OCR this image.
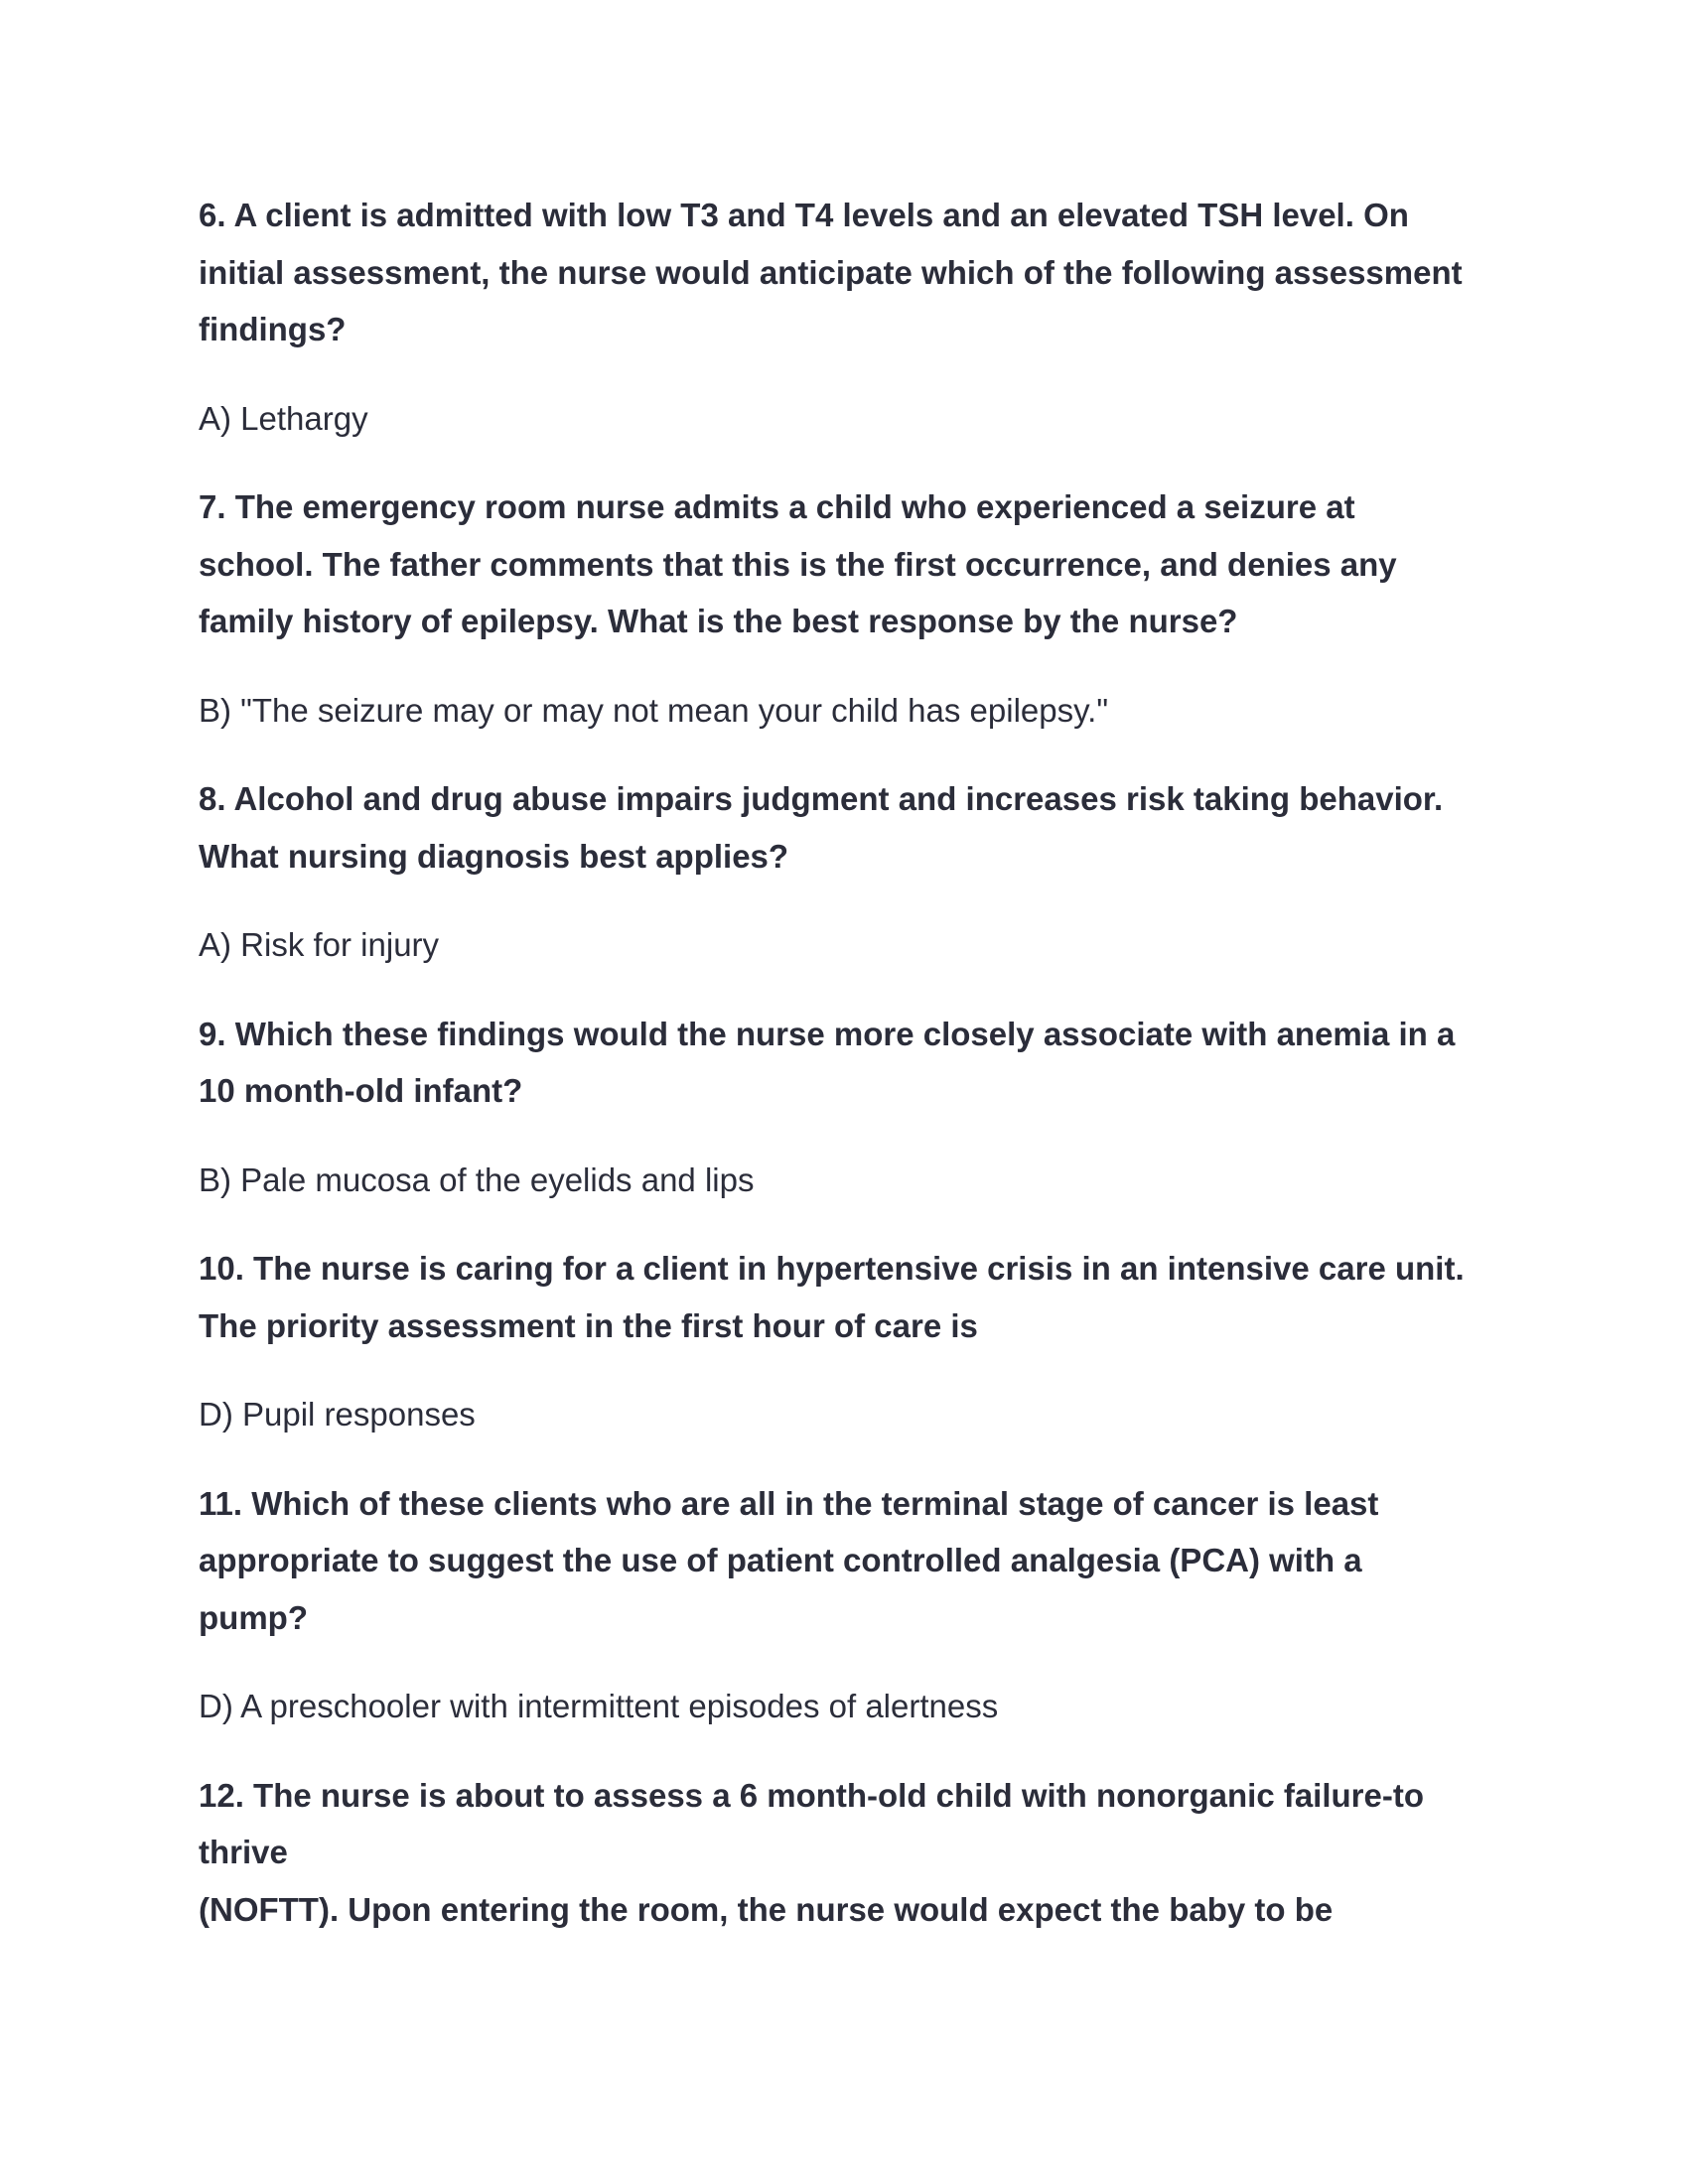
6. A client is admitted with low T3 and T4 levels and an elevated TSH level. On
initial assessment, the nurse would anticipate which of the following assessment
findings?

A) Lethargy

7. The emergency room nurse admits a child who experienced a seizure at
school. The father comments that this is the first occurrence, and denies any
family history of epilepsy. What is the best response by the nurse?

B) "The seizure may or may not mean your child has epilepsy."

8. Alcohol and drug abuse impairs judgment and increases risk taking behavior.
What nursing diagnosis best applies?

A) Risk for injury

9. Which these findings would the nurse more closely associate with anemia in a
10 month-old infant?

B) Pale mucosa of the eyelids and lips

10. The nurse is caring for a client in hypertensive crisis in an intensive care unit.
The priority assessment in the first hour of care is

D) Pupil responses

11. Which of these clients who are all in the terminal stage of cancer is least
appropriate to suggest the use of patient controlled analgesia (PCA) with a
pump?

D) A preschooler with intermittent episodes of alertness

12. The nurse is about to assess a 6 month-old child with nonorganic failure-to
thrive
(NOFTT). Upon entering the room, the nurse would expect the baby to be
